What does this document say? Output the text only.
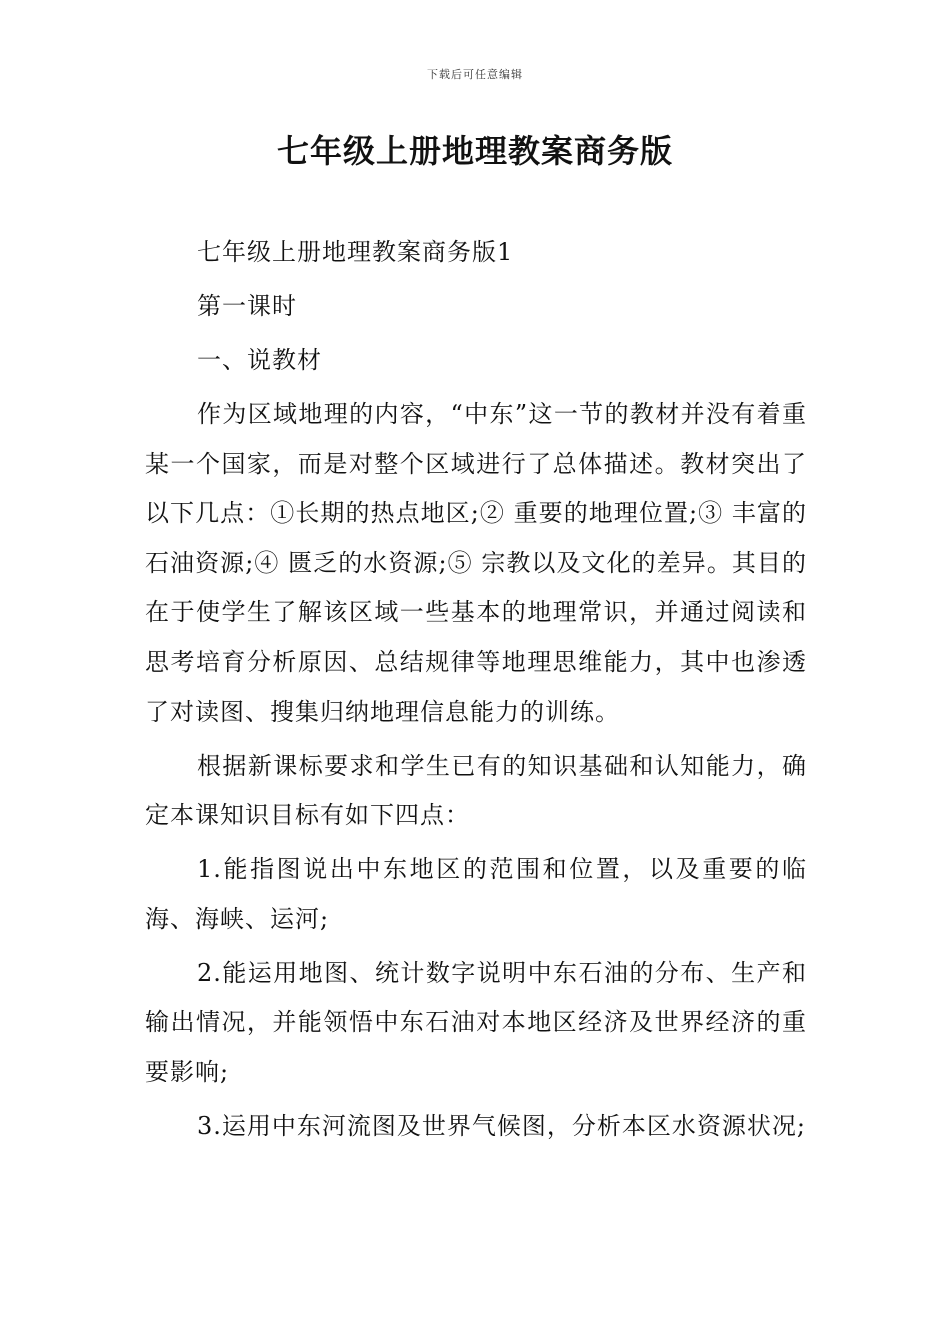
下载后可任意编辑
七年级上册地理教案商务版

七年级上册地理教案商务版1

第一课时

一、说教材

作为区域地理的内容，“中东”这一节的教材并没有着重某一个国家，而是对整个区域进行了总体描述。教材突出了以下几点：①长期的热点地区;② 重要的地理位置;③ 丰富的石油资源;④ 匮乏的水资源;⑤ 宗教以及文化的差异。其目的在于使学生了解该区域一些基本的地理常识，并通过阅读和思考培育分析原因、总结规律等地理思维能力，其中也渗透了对读图、搜集归纳地理信息能力的训练。

根据新课标要求和学生已有的知识基础和认知能力，确定本课知识目标有如下四点：

1.能指图说出中东地区的范围和位置，以及重要的临海、海峡、运河;

2.能运用地图、统计数字说明中东石油的分布、生产和输出情况，并能领悟中东石油对本地区经济及世界经济的重要影响;

3.运用中东河流图及世界气候图，分析本区水资源状况;
